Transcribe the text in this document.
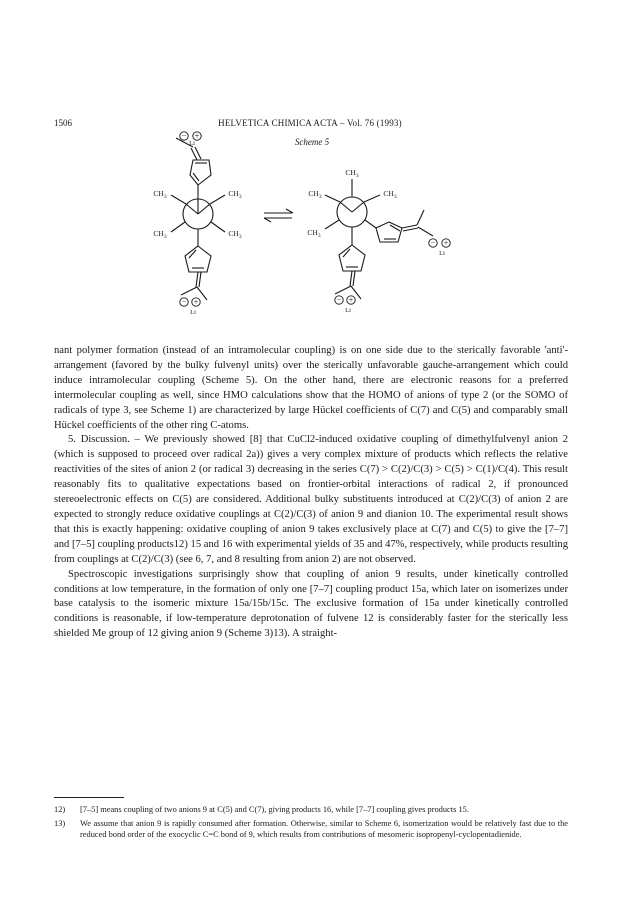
1506	HELVETICA CHIMICA ACTA – Vol. 76 (1993)
Scheme 5
− +
Li
$CH_3$	$CH_3$
$CH_3$	$CH_3$
− +
Li
$CH_3$
$CH_3$	$CH_3$
$CH_3$
− +
Li
− +
Li

nant polymer formation (instead of an intramolecular coupling) is on one side due to the sterically favorable 'anti'-arrangement (favored by the bulky fulvenyl units) over the sterically unfavorable gauche-arrangement which could induce intramolecular coupling (Scheme 5). On the other hand, there are electronic reasons for a preferred intermolecular coupling as well, since HMO calculations show that the HOMO of anions of type 2 (or the SOMO of radicals of type 3, see Scheme 1) are characterized by large Hückel coefficients of C(7) and C(5) and comparably small Hückel coefficients of the other ring C-atoms.

5. Discussion. – We previously showed [8] that CuCl2-induced oxidative coupling of dimethylfulvenyl anion 2 (which is supposed to proceed over radical 2a)) gives a very complex mixture of products which reflects the relative reactivities of the sites of anion 2 (or radical 3) decreasing in the series C(7) > C(2)/C(3) > C(5) > C(1)/C(4). This result reasonably fits to qualitative expectations based on frontier-orbital interactions of radical 2, if pronounced stereoelectronic effects on C(5) are considered. Additional bulky substituents introduced at C(2)/C(3) of anion 2 are expected to strongly reduce oxidative couplings at C(2)/C(3) of anion 9 and dianion 10. The experimental result shows that this is exactly happening: oxidative coupling of anion 9 takes exclusively place at C(7) and C(5) to give the [7–7] and [7–5] coupling products12) 15 and 16 with experimental yields of 35 and 47%, respectively, while products resulting from couplings at C(2)/C(3) (see 6, 7, and 8 resulting from anion 2) are not observed.

Spectroscopic investigations surprisingly show that coupling of anion 9 results, under kinetically controlled conditions at low temperature, in the formation of only one [7–7] coupling product 15a, which later on isomerizes under base catalysis to the isomeric mixture 15a/15b/15c. The exclusive formation of 15a under kinetically controlled conditions is reasonable, if low-temperature deprotonation of fulvene 12 is considerably faster for the sterically less shielded Me group of 12 giving anion 9 (Scheme 3)13). A straight-

12) [7–5] means coupling of two anions 9 at C(5) and C(7), giving products 16, while [7–7] coupling gives products 15.
13) We assume that anion 9 is rapidly consumed after formation. Otherwise, similar to Scheme 6, isomerization would be relatively fast due to the reduced bond order of the exocyclic C=C bond of 9, which results from contributions of mesomeric isopropenyl-cyclopentadienide.
